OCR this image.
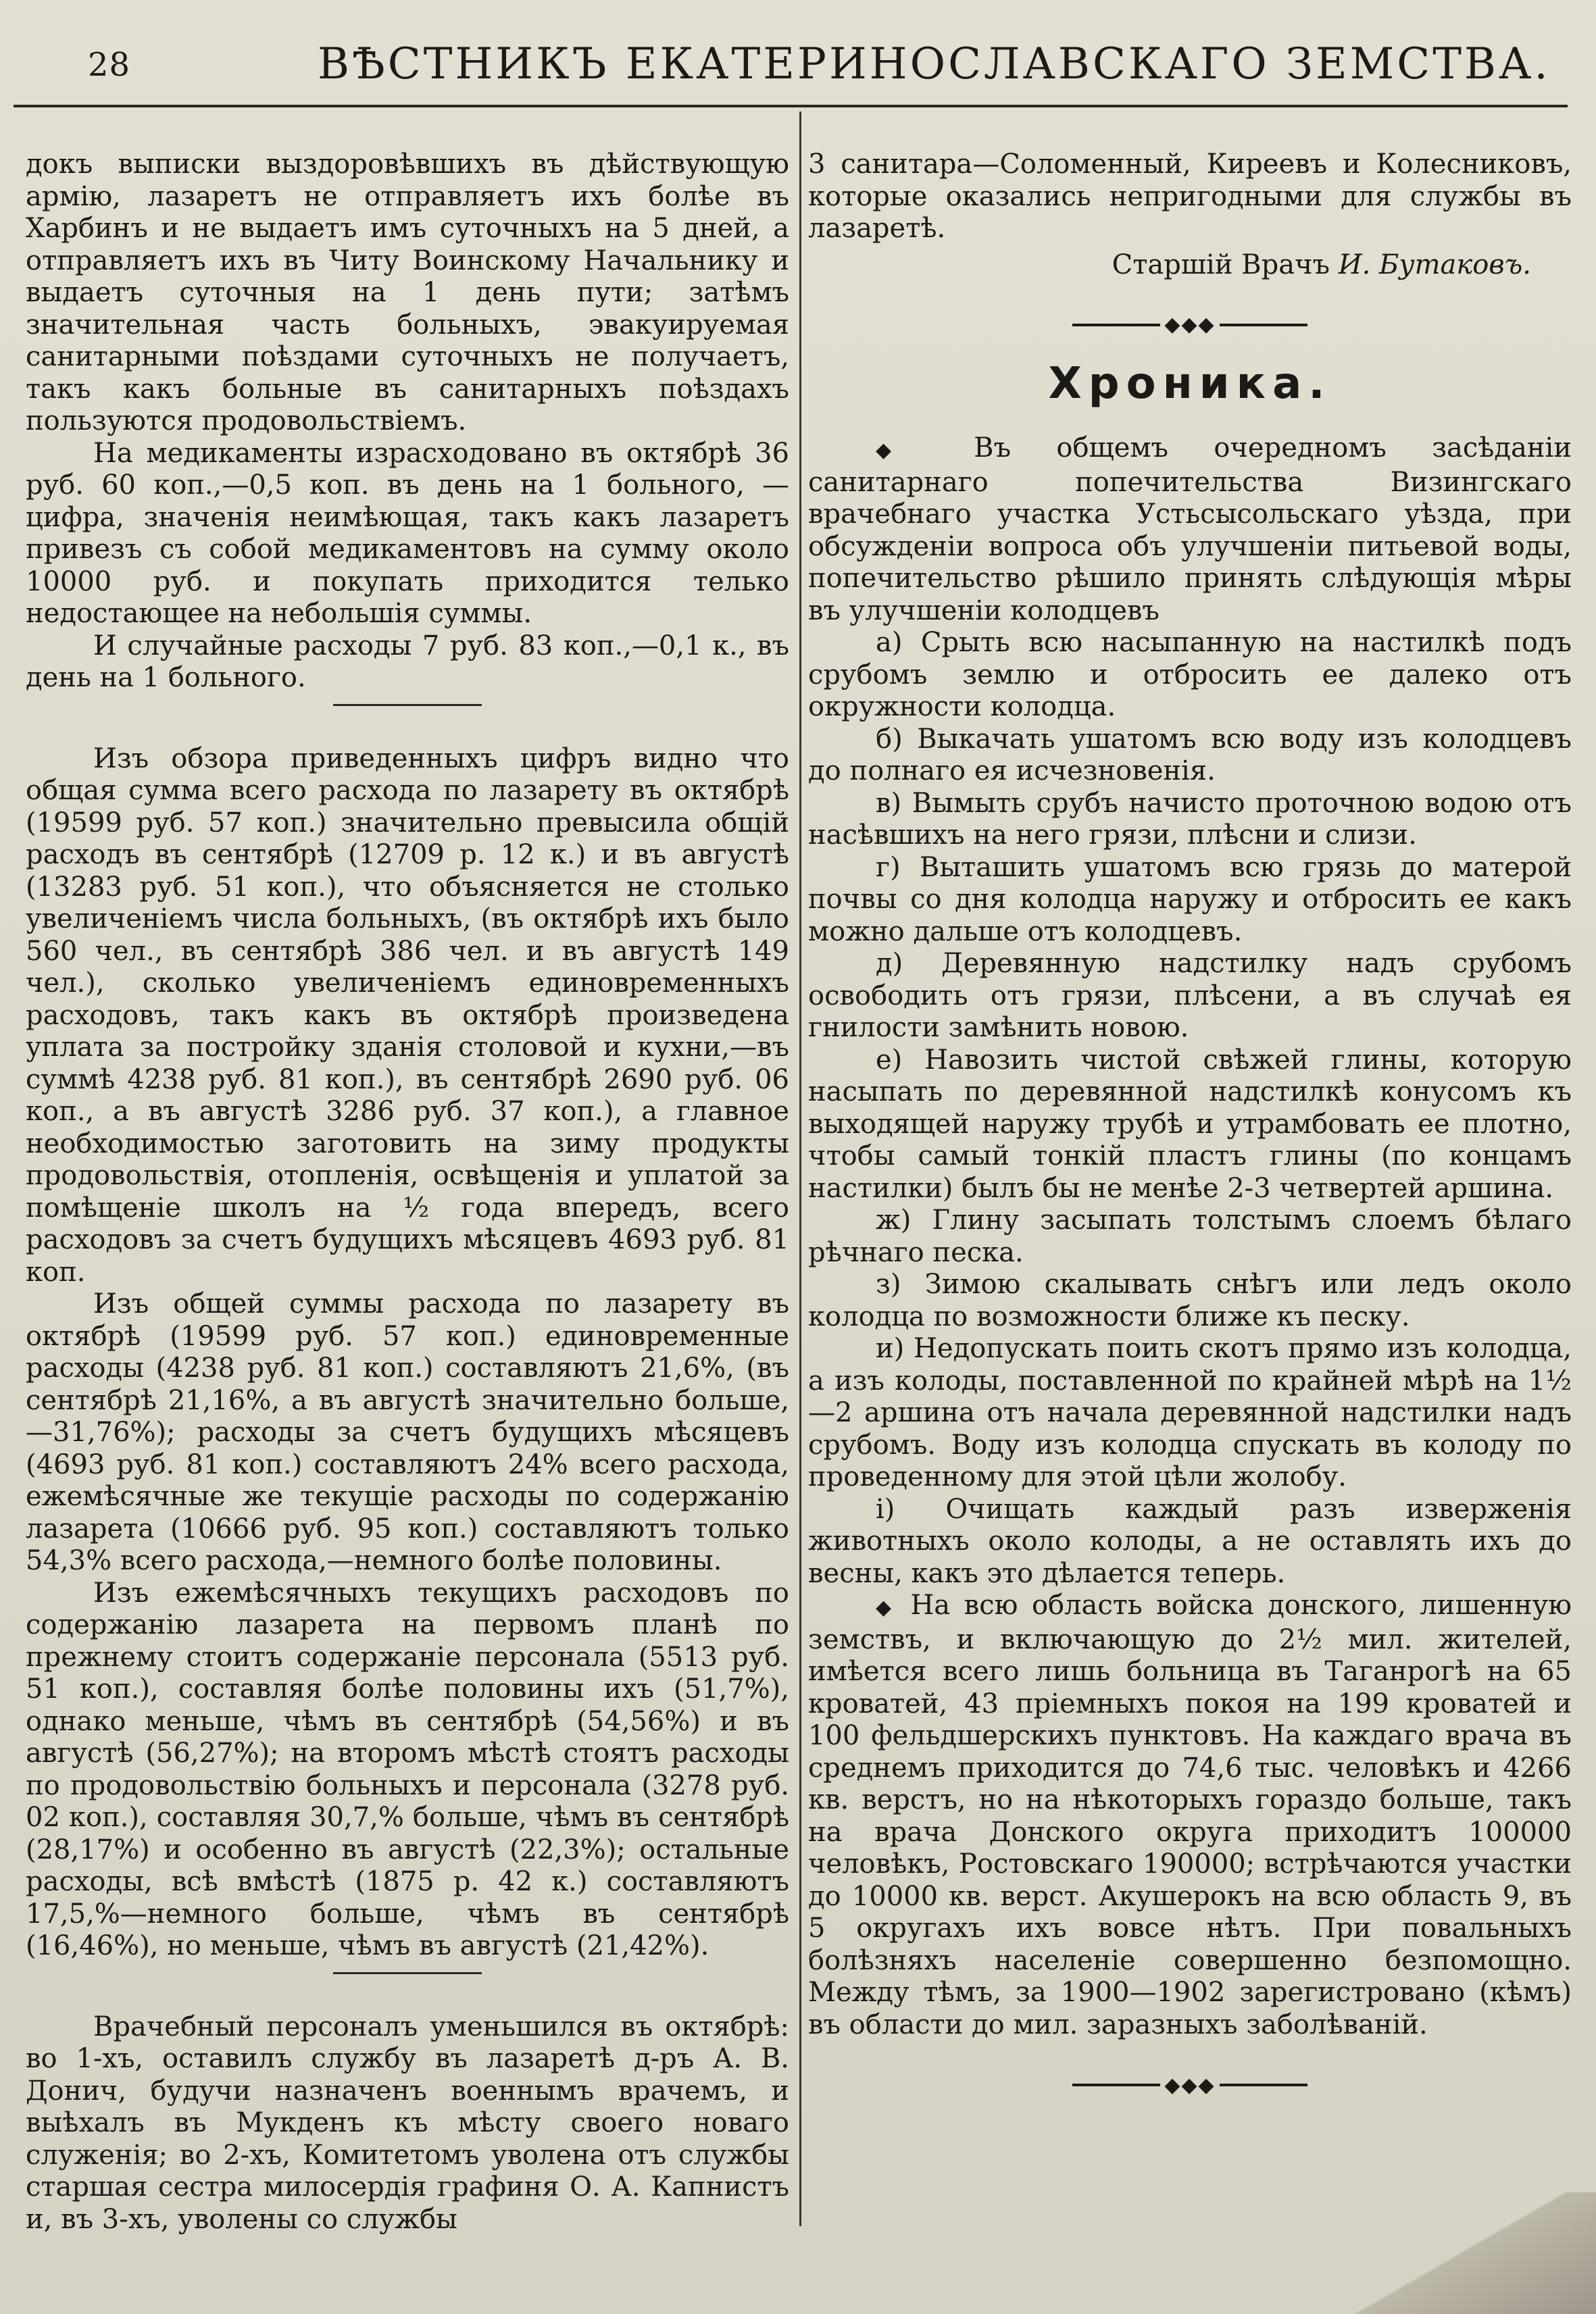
28	ВѢСТНИКЪ ЕКАТЕРИНОСЛАВСКАГО ЗЕМСТВА.

докъ выписки выздоровѣвшихъ въ дѣйствующую армію, лазаретъ не отправляетъ ихъ болѣе въ Харбинъ и не выдаетъ имъ суточныхъ на 5 дней, а отправляетъ ихъ въ Читу Воинскому Начальнику и выдаетъ суточныя на 1 день пути; затѣмъ значительная часть больныхъ, эвакуируемая санитарными поѣздами суточныхъ не получаетъ, такъ какъ больные въ санитарныхъ поѣздахъ пользуются продовольствіемъ.

На медикаменты израсходовано въ октябрѣ 36 руб. 60 коп.,—0,5 коп. въ день на 1 больного, —цифра, значенія неимѣющая, такъ какъ лазаретъ привезъ съ собой медикаментовъ на сумму около 10000 руб. и покупать приходится телько недостающее на небольшія суммы.

И случайные расходы 7 руб. 83 коп.,—0,1 к., въ день на 1 больного.

Изъ обзора приведенныхъ цифръ видно что общая сумма всего расхода по лазарету въ октябрѣ (19599 руб. 57 коп.) значительно превысила общій расходъ въ сентябрѣ (12709 р. 12 к.) и въ августѣ (13283 руб. 51 коп.), что объясняется не столько увеличеніемъ числа больныхъ, (въ октябрѣ ихъ было 560 чел., въ сентябрѣ 386 чел. и въ августѣ 149 чел.), сколько увеличеніемъ единовременныхъ расходовъ, такъ какъ въ октябрѣ произведена уплата за постройку зданія столовой и кухни,—въ суммѣ 4238 руб. 81 коп.), въ сентябрѣ 2690 руб. 06 коп., а въ августѣ 3286 руб. 37 коп.), а главное необходимостью заготовить на зиму продукты продовольствія, отопленія, освѣщенія и уплатой за помѣщеніе школъ на ½ года впередъ, всего расходовъ за счетъ будущихъ мѣсяцевъ 4693 руб. 81 коп.

Изъ общей суммы расхода по лазарету въ октябрѣ (19599 руб. 57 коп.) единовременные расходы (4238 руб. 81 коп.) составляютъ 21,6%, (въ сентябрѣ 21,16%, а въ августѣ значительно больше,—31,76%); расходы за счетъ будущихъ мѣсяцевъ (4693 руб. 81 коп.) составляютъ 24% всего расхода, ежемѣсячные же текущіе расходы по содержанію лазарета (10666 руб. 95 коп.) составляютъ только 54,3% всего расхода,—немного болѣе половины.

Изъ ежемѣсячныхъ текущихъ расходовъ по содержанію лазарета на первомъ планѣ по прежнему стоитъ содержаніе персонала (5513 руб. 51 коп.), составляя болѣе половины ихъ (51,7%), однако меньше, чѣмъ въ сентябрѣ (54,56%) и въ августѣ (56,27%); на второмъ мѣстѣ стоятъ расходы по продовольствію больныхъ и персонала (3278 руб. 02 коп.), составляя 30,7,% больше, чѣмъ въ сентябрѣ (28,17%) и особенно въ августѣ (22,3%); остальные расходы, всѣ вмѣстѣ (1875 р. 42 к.) составляютъ 17,5,%—немного больше, чѣмъ въ сентябрѣ (16,46%), но меньше, чѣмъ въ августѣ (21,42%).

Врачебный персоналъ уменьшился въ октябрѣ: во 1-хъ, оставилъ службу въ лазаретѣ д-ръ А. В. Донич, будучи назначенъ военнымъ врачемъ, и выѣхалъ въ Мукденъ къ мѣсту своего новаго служенія; во 2-хъ, Комитетомъ уволена отъ службы старшая сестра милосердія графиня О. А. Капнистъ и, въ 3-хъ, уволены со службы

3 санитара—Соломенный, Киреевъ и Колесниковъ, которые оказались непригодными для службы въ лазаретѣ.

Старшій Врачъ И. Бутаковъ.

◆◆◆
Хроника.

◆ Въ общемъ очередномъ засѣданіи санитарнаго попечительства Визингскаго врачебнаго участка Устьсысольскаго уѣзда, при обсужденіи вопроса объ улучшеніи питьевой воды, попечительство рѣшило принять слѣдующія мѣры въ улучшеніи колодцевъ

а) Срыть всю насыпанную на настилкѣ подъ срубомъ землю и отбросить ее далеко отъ окружности колодца.

б) Выкачать ушатомъ всю воду изъ колодцевъ до полнаго ея исчезновенія.

в) Вымыть срубъ начисто проточною водою отъ насѣвшихъ на него грязи, плѣсни и слизи.

г) Выташить ушатомъ всю грязь до матерой почвы со дня колодца наружу и отбросить ее какъ можно дальше отъ колодцевъ.

д) Деревянную надстилку надъ срубомъ освободить отъ грязи, плѣсени, а въ случаѣ ея гнилости замѣнить новою.

е) Навозить чистой свѣжей глины, которую насыпать по деревянной надстилкѣ конусомъ къ выходящей наружу трубѣ и утрамбовать ее плотно, чтобы самый тонкій пластъ глины (по концамъ настилки) былъ бы не менѣе 2-3 четвертей аршина.

ж) Глину засыпать толстымъ слоемъ бѣлаго рѣчнаго песка.

з) Зимою скалывать снѣгъ или ледъ около колодца по возможности ближе къ песку.

и) Недопускать поить скотъ прямо изъ колодца, а изъ колоды, поставленной по крайней мѣрѣ на 1½—2 аршина отъ начала деревянной надстилки надъ срубомъ. Воду изъ колодца спускать въ колоду по проведенному для этой цѣли жолобу.

і) Очищать каждый разъ изверженія животныхъ около колоды, а не оставлять ихъ до весны, какъ это дѣлается теперь.

◆ На всю область войска донского, лишенную земствъ, и включающую до 2½ мил. жителей, имѣется всего лишь больница въ Таганрогѣ на 65 кроватей, 43 пріемныхъ покоя на 199 кроватей и 100 фельдшерскихъ пунктовъ. На каждаго врача въ среднемъ приходится до 74,6 тыс. человѣкъ и 4266 кв. верстъ, но на нѣкоторыхъ гораздо больше, такъ на врача Донского округа приходитъ 100000 человѣкъ, Ростовскаго 190000; встрѣчаются участки до 10000 кв. верст. Акушерокъ на всю область 9, въ 5 округахъ ихъ вовсе нѣтъ. При повальныхъ болѣзняхъ населеніе совершенно безпомощно. Между тѣмъ, за 1900—1902 зарегистровано (кѣмъ) въ области до мил. заразныхъ заболѣваній.

◆◆◆
